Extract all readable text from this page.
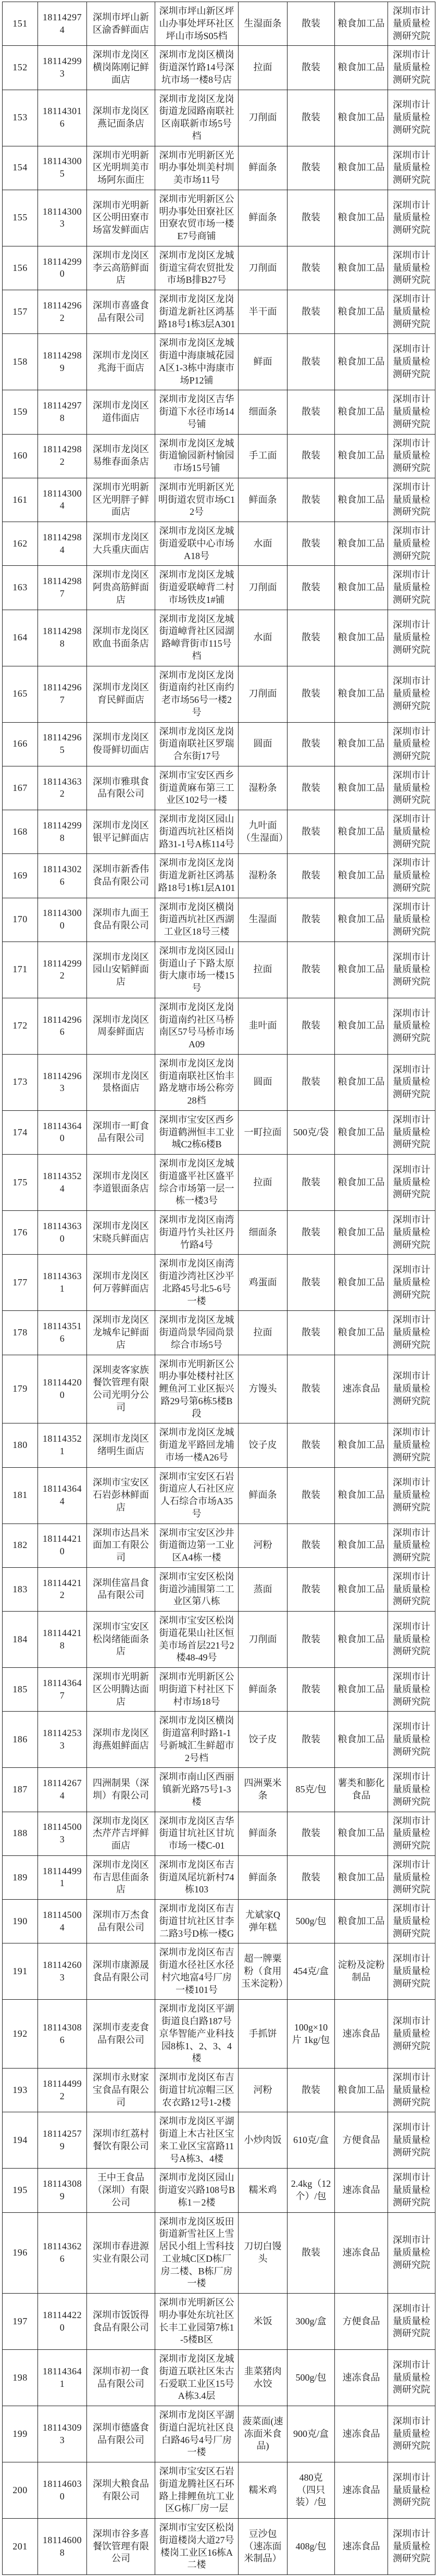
151	181142974	深圳市坪山新区渝香鲜面店	深圳市坪山新区坪山办事处坪环社区坪山市场S05档	生湿面条	散装	粮食加工品	深圳市计量质量检测研究院
152	181142993	深圳市龙岗区横岗陈刚记鲜面店	深圳市龙岗区横岗街道深竹路14号深坑市场一楼8号店	拉面	散装	粮食加工品	深圳市计量质量检测研究院
153	181143016	深圳市龙岗区燕记面条店	深圳市龙岗区龙岗街道龙园路南联社区南联新市场5号档	刀削面	散装	粮食加工品	深圳市计量质量检测研究院
154	181143005	深圳市光明新区光明圳美市场阿东面庄	深圳市光明新区光明办事处圳美村圳美市场11号	鲜面条	散装	粮食加工品	深圳市计量质量检测研究院
155	181143003	深圳市光明新区公明田寮市场富发鲜面店	深圳市光明新区公明办事处田寮社区田寮农贸市场一楼E7号商铺	鲜面条	散装	粮食加工品	深圳市计量质量检测研究院
156	181142990	深圳市龙岗区李云高筋鲜面店	深圳市龙岗区龙城街道宝荷农贸批发市场B排B27号	刀削面	散装	粮食加工品	深圳市计量质量检测研究院
157	181142962	深圳市喜盛食品有限公司	深圳市龙岗区龙岗街道龙新社区鸿基路18号1栋3层A301	半干面	散装	粮食加工品	深圳市计量质量检测研究院
158	181142989	深圳市龙岗区兆海干面店	深圳市龙岗区龙城街道中海康城花园A区1-3栋中海康市场P12铺	鲜面	散装	粮食加工品	深圳市计量质量检测研究院
159	181142978	深圳市龙岗区道伟面店	深圳市龙岗区吉华街道下水径市场14号铺	细面条	散装	粮食加工品	深圳市计量质量检测研究院
160	181142982	深圳市龙岗区易维春面条店	深圳市龙岗区龙城街道愉园新村愉园市场15号铺	手工面	散装	粮食加工品	深圳市计量质量检测研究院
161	181143004	深圳市光明新区光明胖子鲜面店	深圳市光明新区光明街道农贸市场C12号	鲜面条	散装	粮食加工品	深圳市计量质量检测研究院
162	181142984	深圳市龙岗区大兵重庆面店	深圳市龙岗区龙城街道爱联中心市场A18号	水面	散装	粮食加工品	深圳市计量质量检测研究院
163	181142987	深圳市龙岗区阿贵高筋鲜面店	深圳市龙岗区龙城街道爱联嶂背二村市场铁皮1#铺	刀削面	散装	粮食加工品	深圳市计量质量检测研究院
164	181142988	深圳市龙岗区欧血书面条店	深圳市龙岗区龙城街道嶂背社区园湖路嶂背街市115号档	水面	散装	粮食加工品	深圳市计量质量检测研究院
165	181142967	深圳市龙岗区育民鲜面店	深圳市龙岗区龙岗街道南约社区南约老市场56号一楼2号	刀削面	散装	粮食加工品	深圳市计量质量检测研究院
166	181142965	深圳市龙岗区俊哥鲜切面店	深圳市龙岗区龙岗街道南联社区罗瑞合东街17号	圆面	散装	粮食加工品	深圳市计量质量检测研究院
167	181143632	深圳市雅琪食品有限公司	深圳市宝安区西乡街道黄麻布第三工业区102号一楼	湿粉条	散装	粮食加工品	深圳市计量质量检测研究院
168	181142998	深圳市龙岗区银平记鲜面店	深圳市龙岗区园山街道西坑社区梧岗路31-1号A栋114号	九叶面（生湿面）	散装	粮食加工品	深圳市计量质量检测研究院
169	181143026	深圳市新香伟食品有限公司	深圳市龙岗区龙岗街道龙新社区鸿基路18号1栋1层A101	湿粉条	散装	粮食加工品	深圳市计量质量检测研究院
170	181143000	深圳市九面王食品有限公司	深圳市龙岗区横岗街道西坑社区西湖工业区18号三楼	生湿面	散装	粮食加工品	深圳市计量质量检测研究院
171	181142992	深圳市龙岗区园山安韬鲜面店	深圳市龙岗区园山街道山子下路太原街大康市场一楼15号	拉面	散装	粮食加工品	深圳市计量质量检测研究院
172	181142966	深圳市龙岗区周泰鲜面店	深圳市龙岗区龙岗街道南约社区马桥南区57号马桥市场A09	韭叶面	散装	粮食加工品	深圳市计量质量检测研究院
173	181142963	深圳市龙岗区景格面店	深圳市龙岗区龙岗街道南联社区怡丰路龙塘市场公称旁28档	圆面	散装	粮食加工品	深圳市计量质量检测研究院
174	181143640	深圳市一町食品有限公司	深圳市宝安区西乡街道鹤洲恒丰工业城C2栋6楼B	一町拉面	500克/袋	粮食加工品	深圳市计量质量检测研究院
175	181143524	深圳市龙岗区李道银面条店	深圳市龙岗区龙城街道盛平社区盛平综合市场第一层一栋一楼3号	拉面	散装	粮食加工品	深圳市计量质量检测研究院
176	181143630	深圳市龙岗区宋晓兵鲜面店	深圳市龙岗区南湾街道丹竹头社区丹竹路4号	细面条	散装	粮食加工品	深圳市计量质量检测研究院
177	181143631	深圳市龙岗区何万蓉鲜面店	深圳市龙岗区南湾街道沙湾社区沙平北路45号北5-6号一楼	鸡蛋面	散装	粮食加工品	深圳市计量质量检测研究院
178	181143516	深圳市龙岗区龙城牟记鲜面店	深圳市龙岗区龙城街道尚景华园尚景综合市场5号	拉面	散装	粮食加工品	深圳市计量质量检测研究院
179	181144200	深圳麦客家族餐饮管理有限公司光明分公司	深圳市光明新区公明办事处楼村社区鲤鱼河工业区振兴路29号第6栋5楼B段	方馒头	散装	速冻食品	深圳市计量质量检测研究院
180	181143521	深圳市龙岗区绪明生面店	深圳市龙岗区龙城街道龙平路回龙埔市场一楼A26号	饺子皮	散装	粮食加工品	深圳市计量质量检测研究院
181	181143644	深圳市宝安区石岩彭林鲜面店	深圳市宝安区石岩街道应人石社区应人石综合市场A35号	鲜面条	散装	粮食加工品	深圳市计量质量检测研究院
182	181144210	深圳市达昌米面加工有限公司	深圳市宝安区沙井街道衙边第一工业区A4栋一楼	河粉	散装	粮食加工品	深圳市计量质量检测研究院
183	181144212	深圳佳富昌食品有限公司	深圳市宝安区松岗街道沙浦围第二工业区第八栋	蒸面	散装	粮食加工品	深圳市计量质量检测研究院
184	181144218	深圳市宝安区松岗绪能面条店	深圳市宝安区松岗街道花果山社区恒美市场首层221号2楼48-49号	刀削面	散装	粮食加工品	深圳市计量质量检测研究院
185	181143647	深圳市光明新区公明腾达面店	深圳市光明新区公明街道下村社区下村市场18号	鲜面条	散装	粮食加工品	深圳市计量质量检测研究院
186	181142533	深圳市龙岗区海燕姐鲜面店	深圳市龙岗区横岗街道富利时路1-1号新城汇生鲜超市2号档	饺子皮	散装	粮食加工品	深圳市计量质量检测研究院
187	181142674	四洲制果（深圳）有限公司	深圳市南山区西丽镇新光路75号1-3楼	四洲粟米条	85克/包	薯类和膨化食品	深圳市计量质量检测研究院
188	181145003	深圳市龙岗区杰芹芹吉坪鲜面店	深圳市龙岗区吉华街道甘坑社区甘坑市场一楼C-01	鲜面条	散装	粮食加工品	深圳市计量质量检测研究院
189	181144991	深圳市龙岗区布吉思佳面条店	深圳市龙岗区布吉街道凤尾坑新村74栋103	鲜面条	散装	粮食加工品	深圳市计量质量检测研究院
190	181145004	深圳市万杰食品有限公司	深圳市龙岗区布吉街道甘坑社区甘李二路3号D栋一楼G	尤斌家Q弹年糕	500g/包	粮食加工品	深圳市计量质量检测研究院
191	181142603	深圳市康源晟食品有限公司	深圳市龙岗区布吉街道水径社区水径村穴地富4号厂房一楼101号	超一牌粟粉（食用玉米淀粉）	454克/盒	淀粉及淀粉制品	深圳市计量质量检测研究院
192	181143086	深圳市麦麦食品有限公司	深圳市龙岗区平湖街道良白路187号京华智能产业科技园8栋1、2、3、4楼	手抓饼	100g×10片 1kg/包	速冻食品	深圳市计量质量检测研究院
193	181144992	深圳市永财家宝食品有限公司	深圳市龙岗区布吉街道甘坑凉帽三区农衣路12号1-2楼	河粉	散装	粮食加工品	深圳市计量质量检测研究院
194	181142579	深圳市红荔村餐饮有限公司	深圳市龙岗区平湖街道上木古社区宝来工业区宝富路11号A栋3、4楼	小炒肉饭	610克/盒	方便食品	深圳市计量质量检测研究院
195	181143089	王中王食品（深圳）有限公司	深圳市龙岗区园山街道安兴路108号B栋1－2楼	糯米鸡	2.4kg（12个）/包	速冻食品	深圳市计量质量检测研究院
196	181143626	深圳市春进源实业有限公司	深圳市龙岗区坂田街道新雪社区上雪居民小组上雪科技工业城C区D栋厂房二楼、B栋厂房一楼	刀切白馒头	散装	速冻食品	深圳市计量质量检测研究院
197	181144220	深圳市饭饭得食品有限公司	深圳市光明新区公明办事处东坑社区长丰工业园第7栋1-5楼B区	米饭	300g/盒	方便食品	深圳市计量质量检测研究院
198	181143641	深圳市初一食品有限公司	深圳市龙岗区龙城街道五联社区朱古石爱联工业区15号A栋3.4层	韭菜猪肉水饺	500g/包	速冻食品	深圳市计量质量检测研究院
199	181143093	深圳市德盛食品有限公司	深圳市龙岗区平湖街道白泥坑社区良白路46号4号厂房一楼	菠菜面(速冻面米食品)	900克/盒	速冻食品	深圳市计量质量检测研究院
200	181146030	深圳大粮食品有限公司	深圳市宝安区石岩街道龙腾社区石环路上排鲤鱼坑工业区G栋厂房一层	糯米鸡	480克（四只装）/包	速冻食品	深圳市计量质量检测研究院
201	181146008	深圳市谷多喜餐饮管理有限公司	深圳市宝安区松岗街道楼岗大道27号楼岗工业区16栋A二楼	豆沙包（速冻面米制品）	408g/包	速冻食品	深圳市计量质量检测研究院
